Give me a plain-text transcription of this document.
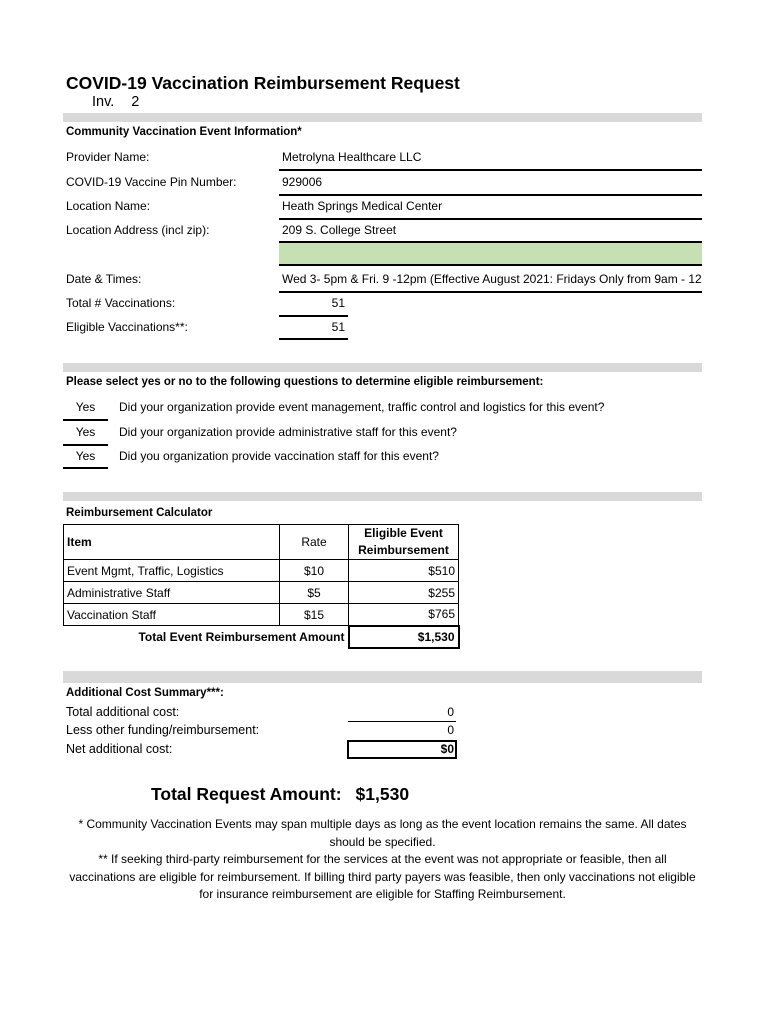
COVID-19 Vaccination Reimbursement Request
Inv. 2
Community Vaccination Event Information*
Provider Name:	Metrolyna Healthcare LLC
COVID-19 Vaccine Pin Number:	929006
Location Name:	Heath Springs Medical Center
Location Address (incl zip):	209 S. College Street
Date & Times:	Wed 3- 5pm & Fri. 9 -12pm (Effective August 2021: Fridays Only from 9am - 12
Total # Vaccinations:	51
Eligible Vaccinations**:	51
Please select yes or no to the following questions to determine eligible reimbursement:
Yes	Did your organization provide event management, traffic control and logistics for this event?
Yes	Did your organization provide administrative staff for this event?
Yes	Did you organization provide vaccination staff for this event?
Reimbursement Calculator
Item	Rate	Eligible Event Reimbursement
Event Mgmt, Traffic, Logistics	$10	$510
Administrative Staff	$5	$255
Vaccination Staff	$15	$765
Total Event Reimbursement Amount		$1,530
Additional Cost Summary***:
Total additional cost:	0
Less other funding/reimbursement:	0
Net additional cost:	$0
Total Request Amount: $1,530
* Community Vaccination Events may span multiple days as long as the event location remains the same. All dates should be specified.
** If seeking third-party reimbursement for the services at the event was not appropriate or feasible, then all vaccinations are eligible for reimbursement. If billing third party payers was feasible, then only vaccinations not eligible for insurance reimbursement are eligible for Staffing Reimbursement.
